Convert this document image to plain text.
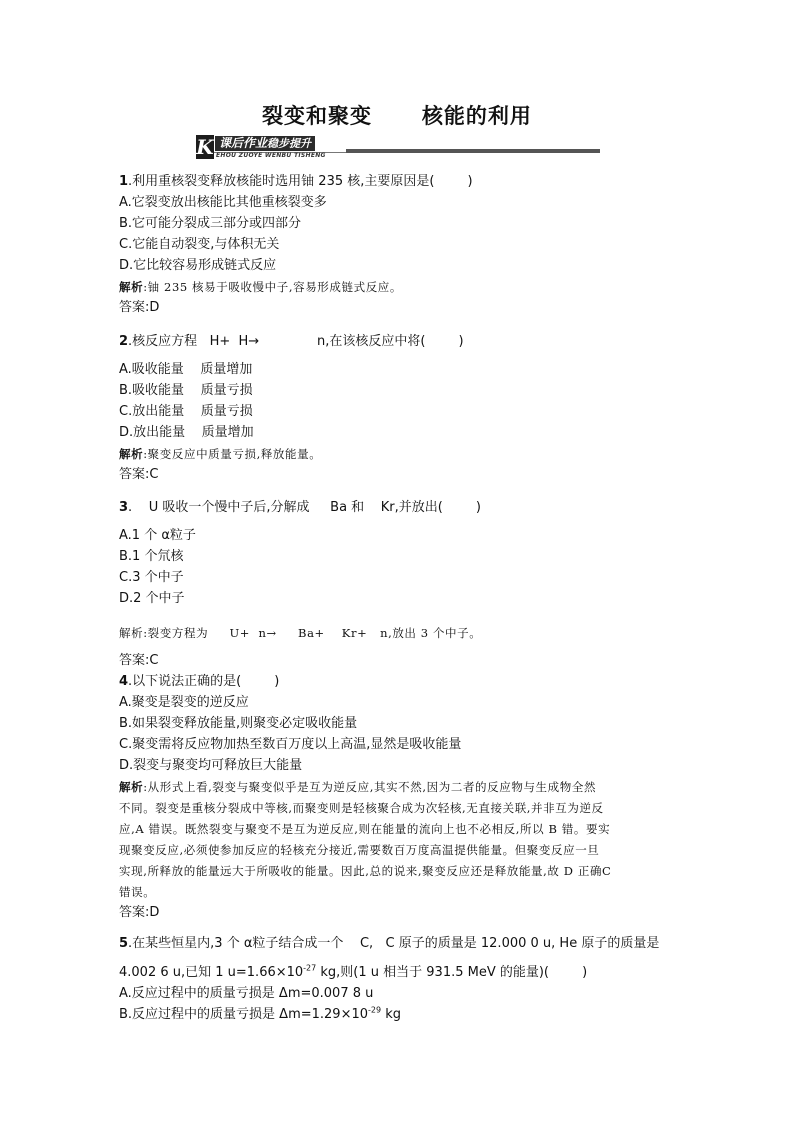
裂变和聚变      核能的利用
K 课后作业稳步提升
EHOU ZUOYE WENBU TISHENG
1.利用重核裂变释放核能时选用铀 235 核,主要原因是(        )
A.它裂变放出核能比其他重核裂变多
B.它可能分裂成三部分或四部分
C.它能自动裂变,与体积无关
D.它比较容易形成链式反应
解析:铀 235 核易于吸收慢中子,容易形成链式反应。
答案:D
2.核反应方程   H+  H→              n,在该核反应中将(        )
A.吸收能量    质量增加
B.吸收能量    质量亏损
C.放出能量    质量亏损
D.放出能量    质量增加
解析:聚变反应中质量亏损,释放能量。
答案:C
3.    U 吸收一个慢中子后,分解成     Ba 和    Kr,并放出(        )
A.1 个 α粒子
B.1 个氘核
C.3 个中子
D.2 个中子
解析:裂变方程为     U+  n→     Ba+    Kr+   n,放出 3 个中子。
答案:C
4.以下说法正确的是(        )
A.聚变是裂变的逆反应
B.如果裂变释放能量,则聚变必定吸收能量
C.聚变需将反应物加热至数百万度以上高温,显然是吸收能量
D.裂变与聚变均可释放巨大能量
解析:从形式上看,裂变与聚变似乎是互为逆反应,其实不然,因为二者的反应物与生成物全然
不同。裂变是重核分裂成中等核,而聚变则是轻核聚合成为次轻核,无直接关联,并非互为逆反
应,A 错误。既然裂变与聚变不是互为逆反应,则在能量的流向上也不必相反,所以 B 错。要实
现聚变反应,必须使参加反应的轻核充分接近,需要数百万度高温提供能量。但聚变反应一旦
实现,所释放的能量远大于所吸收的能量。因此,总的说来,聚变反应还是释放能量,故 D 正确C
错误。
答案:D
5.在某些恒星内,3 个 α粒子结合成一个    C,   C 原子的质量是 12.000 0 u, He 原子的质量是
4.002 6 u,已知 1 $u=1.66\times 10^{-27}$ kg,则(1 u 相当于 931.5 MeV 的能量)(        )
A.反应过程中的质量亏损是 Δm=0.007 8 u
B.反应过程中的质量亏损是 $\Delta m=1.29\times 10^{-29}$ kg
